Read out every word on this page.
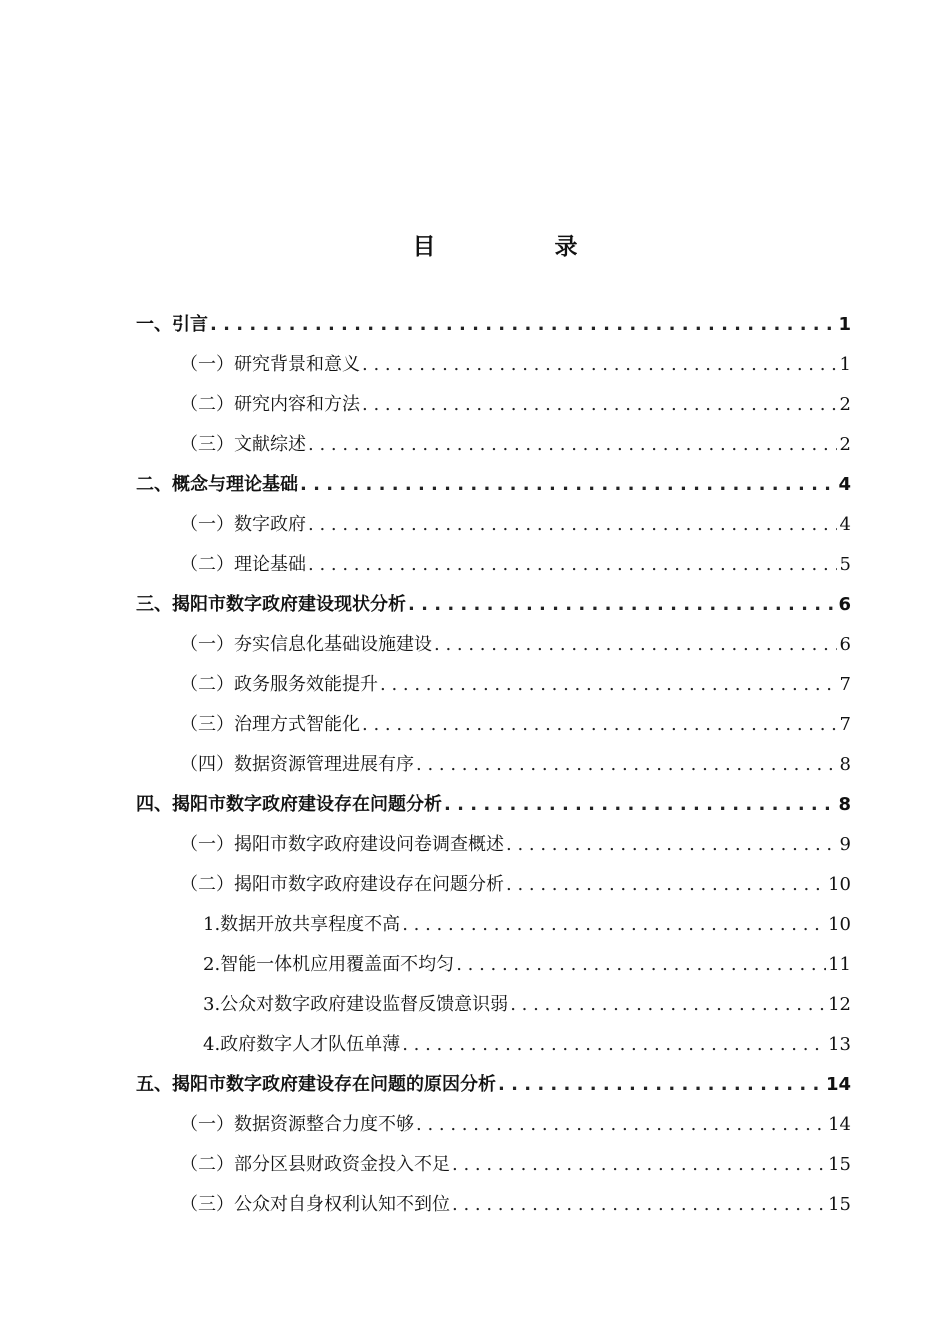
目　录
一、引言 . . .	1
（一）研究背景和意义 . . .	1
（二）研究内容和方法 . . .	2
（三）文献综述 . . .	2
二、概念与理论基础 . . .	4
（一）数字政府 . . .	4
（二）理论基础 . . .	5
三、揭阳市数字政府建设现状分析 . . .	6
（一）夯实信息化基础设施建设 . . .	6
（二）政务服务效能提升 . . .	7
（三）治理方式智能化 . . .	7
（四）数据资源管理进展有序 . . .	8
四、揭阳市数字政府建设存在问题分析 . . .	8
（一）揭阳市数字政府建设问卷调查概述 . . .	9
（二）揭阳市数字政府建设存在问题分析 . . .	10
1.数据开放共享程度不高 . . .	10
2.智能一体机应用覆盖面不均匀 . . .	11
3.公众对数字政府建设监督反馈意识弱 . . .	12
4.政府数字人才队伍单薄 . . .	13
五、揭阳市数字政府建设存在问题的原因分析 . . .	14
（一）数据资源整合力度不够 . . .	14
（二）部分区县财政资金投入不足 . . .	15
（三）公众对自身权利认知不到位 . . .	15
